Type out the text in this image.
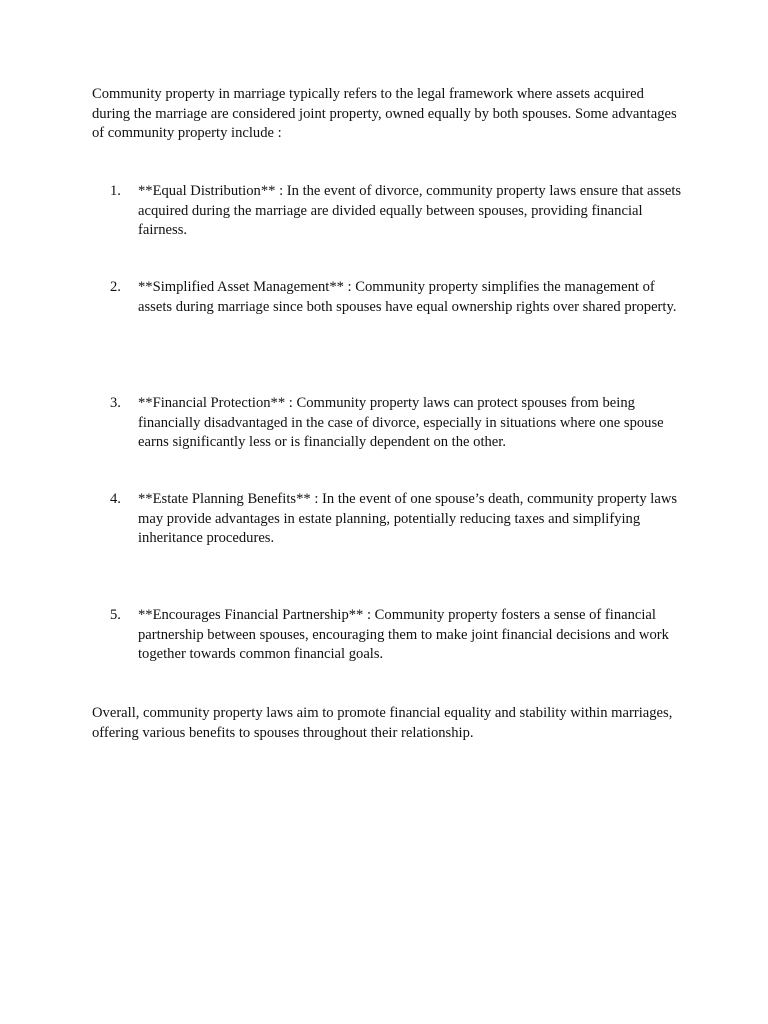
Community property in marriage typically refers to the legal framework where assets acquired during the marriage are considered joint property, owned equally by both spouses. Some advantages of community property include :

1.	**Equal Distribution** : In the event of divorce, community property laws ensure that assets acquired during the marriage are divided equally between spouses, providing financial fairness.
2.	**Simplified Asset Management** : Community property simplifies the management of assets during marriage since both spouses have equal ownership rights over shared property.
3.	**Financial Protection** : Community property laws can protect spouses from being financially disadvantaged in the case of divorce, especially in situations where one spouse earns significantly less or is financially dependent on the other.
4.	**Estate Planning Benefits** : In the event of one spouse’s death, community property laws may provide advantages in estate planning, potentially reducing taxes and simplifying inheritance procedures.
5.	**Encourages Financial Partnership** : Community property fosters a sense of financial partnership between spouses, encouraging them to make joint financial decisions and work together towards common financial goals.

Overall, community property laws aim to promote financial equality and stability within marriages, offering various benefits to spouses throughout their relationship.
